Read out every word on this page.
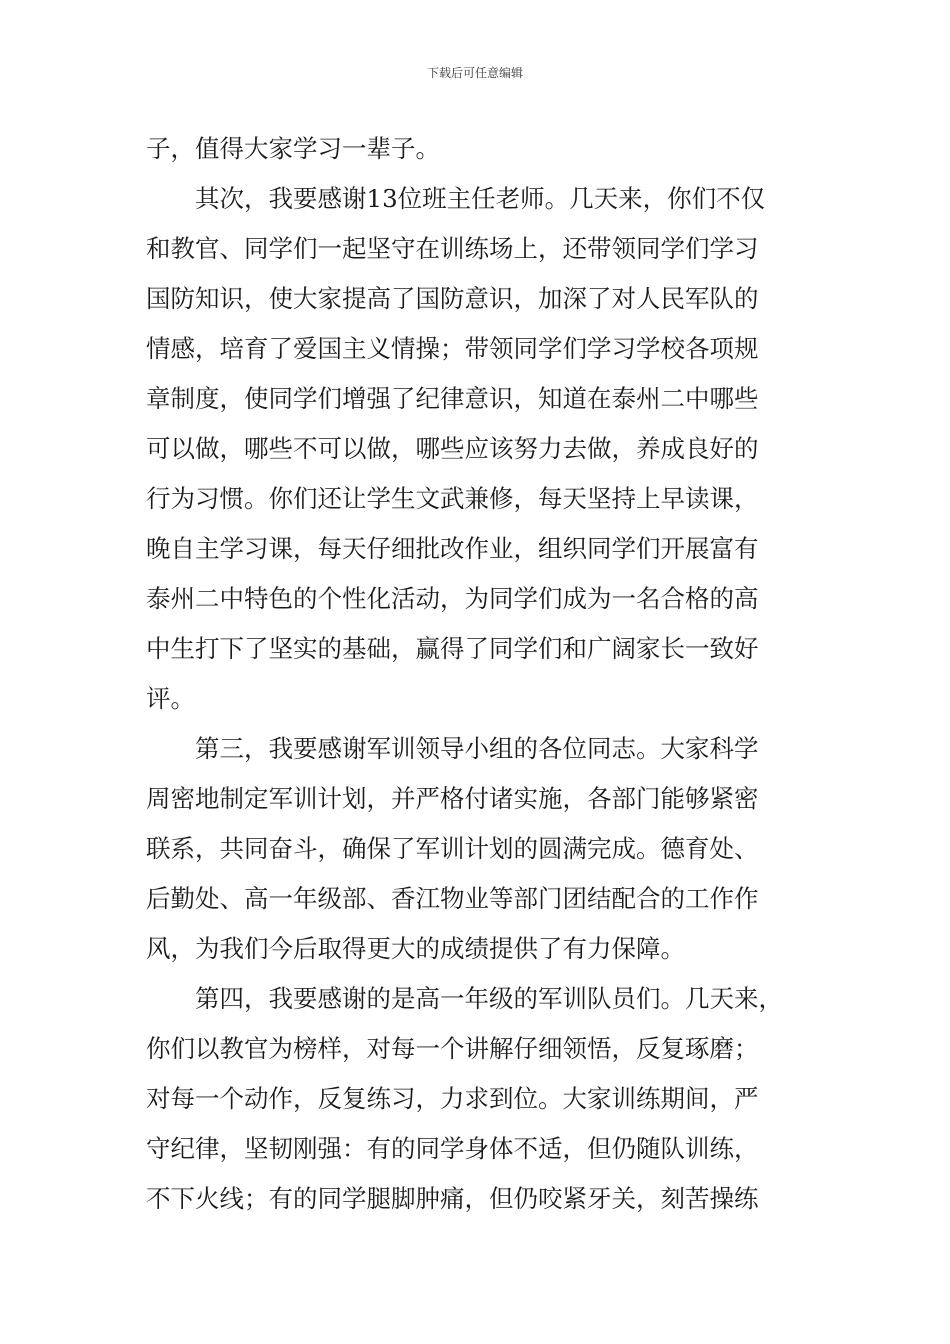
下载后可任意编辑
子，值得大家学习一辈子。
其次，我要感谢13位班主任老师。几天来，你们不仅
和教官、同学们一起坚守在训练场上，还带领同学们学习
国防知识，使大家提高了国防意识，加深了对人民军队的
情感，培育了爱国主义情操；带领同学们学习学校各项规
章制度，使同学们增强了纪律意识，知道在泰州二中哪些
可以做，哪些不可以做，哪些应该努力去做，养成良好的
行为习惯。你们还让学生文武兼修，每天坚持上早读课，
晚自主学习课，每天仔细批改作业，组织同学们开展富有
泰州二中特色的个性化活动，为同学们成为一名合格的高
中生打下了坚实的基础，赢得了同学们和广阔家长一致好
评。
第三，我要感谢军训领导小组的各位同志。大家科学
周密地制定军训计划，并严格付诸实施，各部门能够紧密
联系，共同奋斗，确保了军训计划的圆满完成。德育处、
后勤处、高一年级部、香江物业等部门团结配合的工作作
风，为我们今后取得更大的成绩提供了有力保障。
第四，我要感谢的是高一年级的军训队员们。几天来，
你们以教官为榜样，对每一个讲解仔细领悟，反复琢磨；
对每一个动作，反复练习，力求到位。大家训练期间，严
守纪律，坚韧刚强：有的同学身体不适，但仍随队训练，
不下火线；有的同学腿脚肿痛，但仍咬紧牙关，刻苦操练
